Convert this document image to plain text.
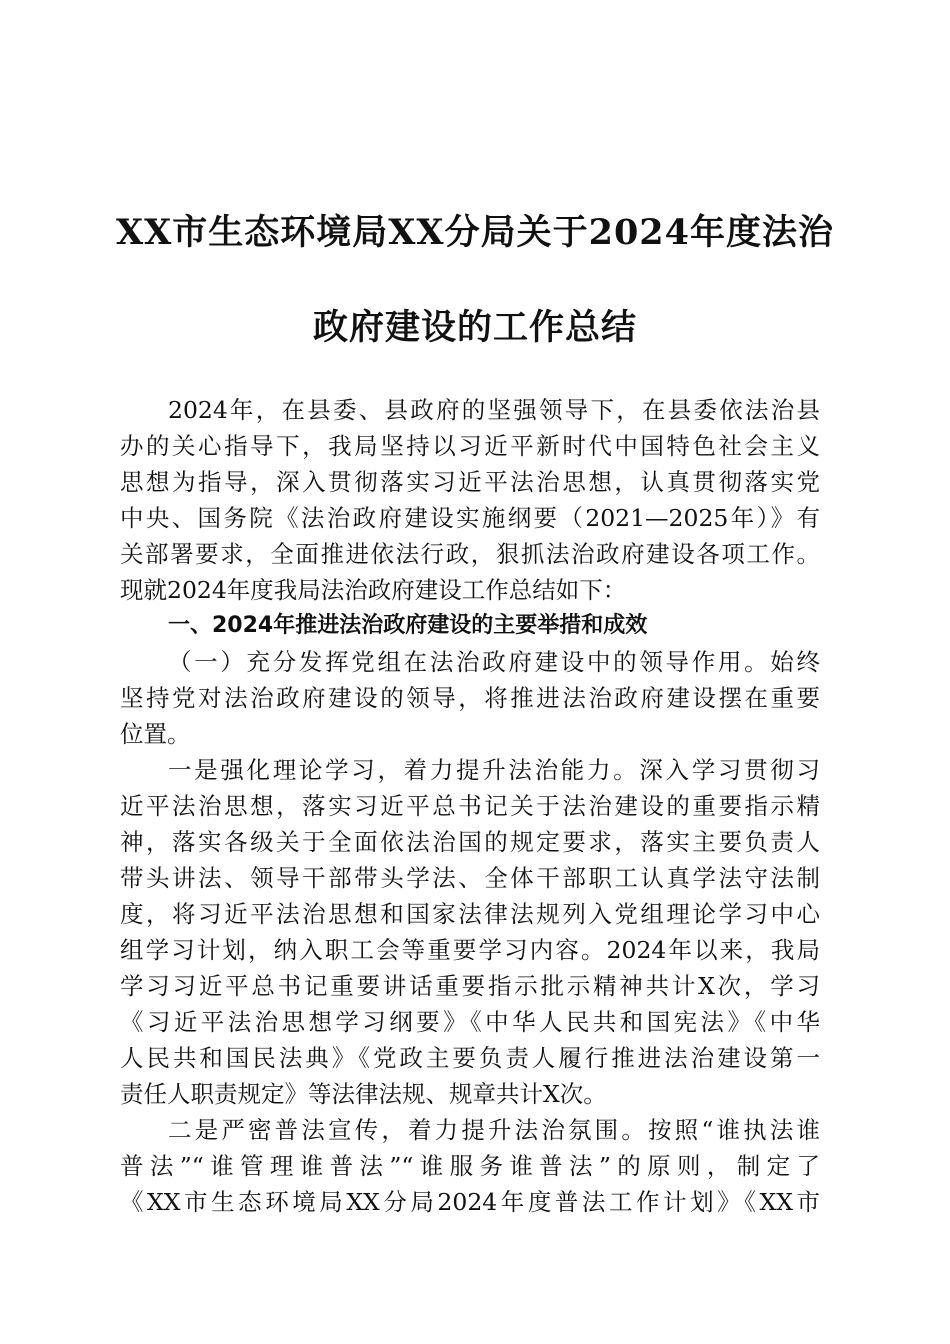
XX市生态环境局XX分局关于2024年度法治
政府建设的工作总结
2024年，在县委、县政府的坚强领导下，在县委依法治县
办的关心指导下，我局坚持以习近平新时代中国特色社会主义
思想为指导，深入贯彻落实习近平法治思想，认真贯彻落实党
中央、国务院《法治政府建设实施纲要（2021—2025年）》有
关部署要求，全面推进依法行政，狠抓法治政府建设各项工作。
现就2024年度我局法治政府建设工作总结如下：
一、2024年推进法治政府建设的主要举措和成效
（一）充分发挥党组在法治政府建设中的领导作用。始终
坚持党对法治政府建设的领导，将推进法治政府建设摆在重要
位置。
一是强化理论学习，着力提升法治能力。深入学习贯彻习
近平法治思想，落实习近平总书记关于法治建设的重要指示精
神，落实各级关于全面依法治国的规定要求，落实主要负责人
带头讲法、领导干部带头学法、全体干部职工认真学法守法制
度，将习近平法治思想和国家法律法规列入党组理论学习中心
组学习计划，纳入职工会等重要学习内容。2024年以来，我局
学习习近平总书记重要讲话重要指示批示精神共计X次，学习
《习近平法治思想学习纲要》《中华人民共和国宪法》《中华
人民共和国民法典》《党政主要负责人履行推进法治建设第一
责任人职责规定》等法律法规、规章共计X次。
二是严密普法宣传，着力提升法治氛围。按照“谁执法谁
普法”“谁管理谁普法”“谁服务谁普法”的原则，制定了
《XX市生态环境局XX分局2024年度普法工作计划》《XX市
